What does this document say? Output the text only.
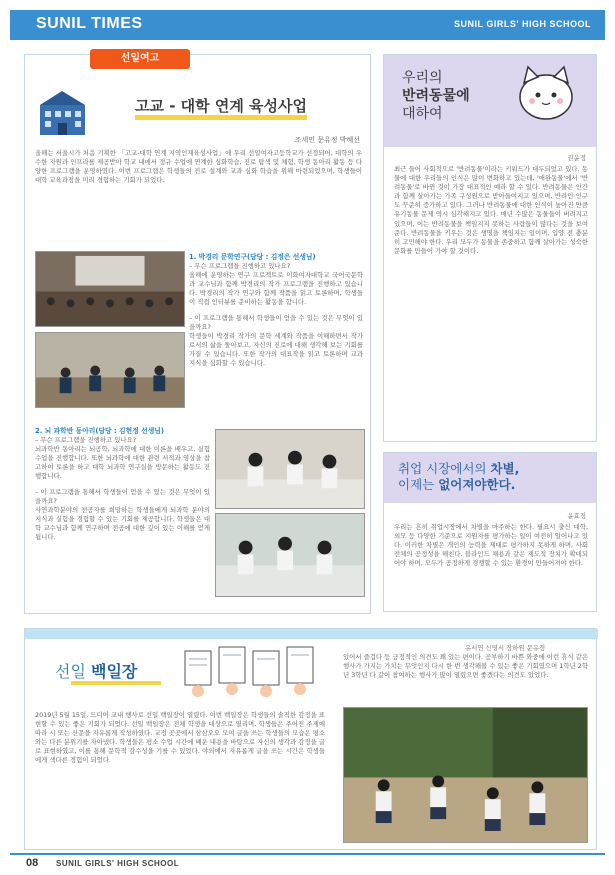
SUNIL TIMES	SUNIL GIRLS' HIGH SCHOOL
선일여고
고교 - 대학 연계 육성사업
조세민 문유정 박혜선
올해는 서울시가 처음 기획한 「고교-대학 연계 지역인재육성사업」에 우리 선일여자고등학교가 선정되어, 대학의 우수한 자원과 인프라를 제공받아 학교 내에서 정규 수업에 연계한 심화학습, 진로 탐색 및 체험, 학생 동아리 활동 등 다양한 프로그램을 운영하였다. 이번 프로그램은 학생들의 진로 설계와 교과 심화 학습을 위해 마련되었으며, 학생들이 대학 교육과정을 미리 경험하는 기회가 되었다.
1. 박경리 문학연구(담당 : 김정은 선생님)
– 무슨 프로그램을 진행하고 있나요?
올해에 운영하는 연구 프로젝트로 이화여자대학교 국어국문학과 교수님과 함께 박경리의 작가 프로그램을 진행하고 있습니다. 박경리의 작가 연구와 함께 작품을 읽고 토론하며, 학생들이 직접 인터뷰를 준비하는 활동을 합니다.
– 이 프로그램을 통해서 학생들이 얻을 수 있는 것은 무엇이 있을까요?
학생들이 박경리 작가의 문학 세계와 작품을 이해하면서 작가로서의 삶을 돌아보고, 자신의 진로에 대해 생각해 보는 기회를 가질 수 있습니다. 또한 작가의 대표작을 읽고 토론하며 교과 지식을 심화할 수 있습니다.
2. 뇌 과학반 동아리(담당 : 김현정 선생님)
– 무슨 프로그램을 진행하고 있나요?
뇌과학반 동아리는 뇌공학, 뇌과학에 대한 이론을 배우고, 실험수업을 진행합니다. 또한 뇌과학에 대한 관련 서적과 영상을 참고하여 토론을 하고 대학 뇌과학 연구실을 방문하는 활동도 진행합니다.
– 이 프로그램을 통해서 학생들이 얻을 수 있는 것은 무엇이 있을까요?
사연과학분야의 전공자를 희망하는 학생들에게 뇌과학 분야의 지식과 실험을 경험할 수 있는 기회를 제공합니다. 학생들은 대학 교수님과 함께 연구하며 전공에 대한 깊이 있는 이해를 얻게 됩니다.
우리의
반려동물에
대하여
권윤정
최근 들어 사회적으로 '반려동물'이라는 키워드가 대두되었고 있다. 동물에 대한 우리들의 인식은 많이 변화하고 있는데, '애완동물'에서 '반려동물'로 바뀐 것이 가장 대표적인 예라 할 수 있다. 반려동물은 인간과 함께 살아가는 가족 구성원으로 받아들여지고 있으며, 반려인 인구도 꾸준히 증가하고 있다. 그러나 반려동물에 대한 인식이 높아진 만큼 유기동물 문제 역시 심각해지고 있다. 매년 수많은 동물들이 버려지고 있으며, 이는 반려동물을 책임지지 못하는 사람들이 많다는 것을 보여준다. 반려동물을 키우는 것은 생명을 책임지는 일이며, 입양 전 충분히 고민해야 한다. 우리 모두가 동물을 존중하고 함께 살아가는 성숙한 문화를 만들어 가야 할 것이다.
취업 시장에서의 차별,
이제는 없어져야한다.
윤효정
우리는 흔히 취업시장에서 차별을 마주하는 한다. 필요시 출신 대학, 외모 등 다양한 기준으로 지원자를 평가하는 일이 여전히 일어나고 있다. 이러한 차별은 개인의 능력을 제대로 평가하지 못하게 하며, 사회 전체의 공정성을 해친다. 블라인드 채용과 같은 제도적 장치가 확대되어야 하며, 모두가 공정하게 경쟁할 수 있는 환경이 만들어져야 한다.
선일 백일장
유서연 신영서 장하원 문유정
있어서 즐겁다 등 긍정적인 의견도 꽤 있는 편이다. 공부하기 바쁜 와중에 이런 휴식 같은 행사가 가지는 가치는 무엇인지 다시 한 번 생각해볼 수 있는 좋은 기회였으며 1학년 2학년 3학년 다 같이 참여하는 행사가 많이 열렸으면 좋겠다는 의견도 있었다.
2019년 5월 15일, 드디어 교내 행사로 선일 백일장이 열렸다. 이번 백일장은 학생들의 솔직한 감정을 표현할 수 있는 좋은 기회가 되었다. 선일 백일장은 전체 학생을 대상으로 열리며, 학생들은 주어진 주제에 따라 시 또는 산문을 자유롭게 작성하였다. 교정 곳곳에서 삼삼오오 모여 글을 쓰는 학생들의 모습은 평소와는 다른 분위기를 자아냈다. 학생들은 평소 수업 시간에 배운 내용을 바탕으로 자신의 생각과 감정을 글로 표현하였고, 이를 통해 문학적 감수성을 기를 수 있었다. 야외에서 자유롭게 글을 쓰는 시간은 학생들에게 색다른 경험이 되었다.
08 SUNIL GIRLS' HIGH SCHOOL
